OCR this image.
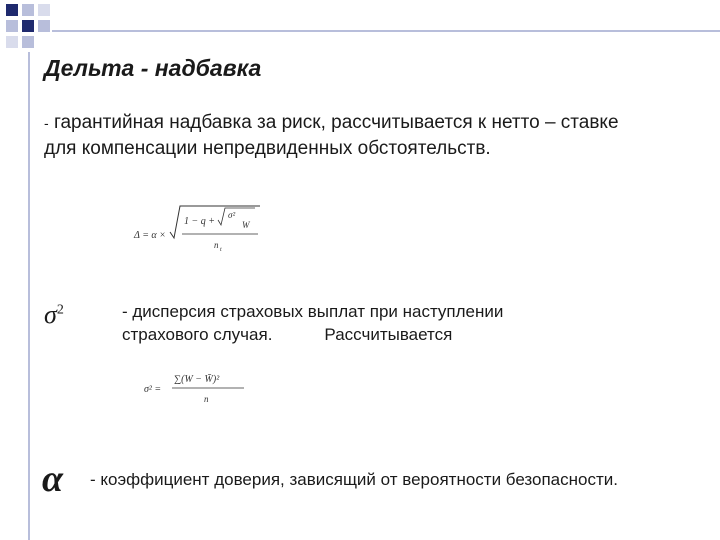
Дельта - надбавка
- гарантийная надбавка за риск, рассчитывается к нетто – ставке для компенсации непредвиденных обстоятельств.
Δ = α ×
1 − q +
σ²
W
n t
$\sigma^2$	- дисперсия страховых выплат при наступлении
страхового случая.	Рассчитывается
σ² =
∑(W − W̄)²
n
α - коэффициент доверия, зависящий от вероятности безопасности.
